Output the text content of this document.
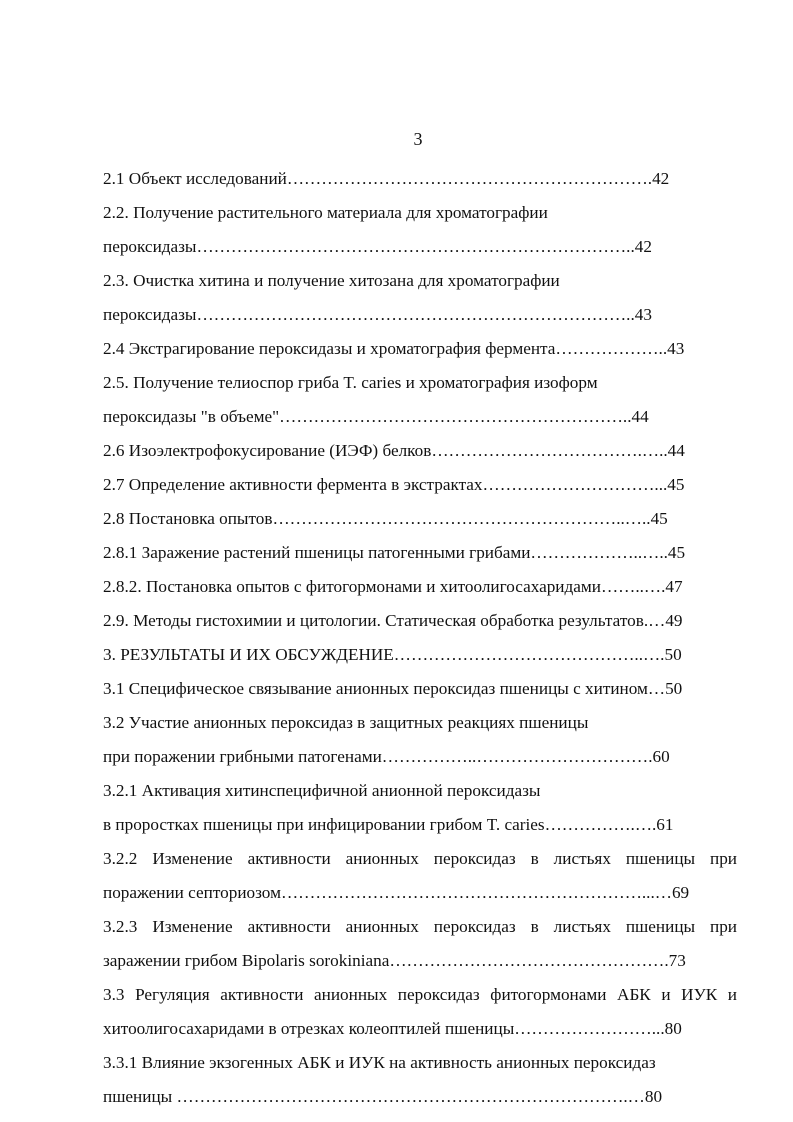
3
2.1 Объект исследований……………………………………………………….42
2.2. Получение растительного материала для хроматографии
пероксидазы…………………………………………………………………..42
2.3. Очистка хитина и получение хитозана для хроматографии
пероксидазы…………………………………………………………………..43
2.4 Экстрагирование пероксидазы и хроматография фермента………………..43
2.5. Получение телиоспор гриба T. caries и хроматография изоформ
пероксидазы "в объеме"……………………………………………………..44
2.6 Изоэлектрофокусирование (ИЭФ) белков……………………………….…..44
2.7 Определение активности фермента в экстрактах…………………………...45
2.8 Постановка опытов……………………………………………………..…..45
2.8.1 Заражение растений пшеницы патогенными грибами………………..…..45
2.8.2. Постановка опытов с фитогормонами и хитоолигосахаридами……..….47
2.9. Методы гистохимии и цитологии. Статическая обработка результатов.…49
3. РЕЗУЛЬТАТЫ И ИХ ОБСУЖДЕНИЕ……………………………………..….50
3.1 Специфическое связывание анионных пероксидаз пшеницы с хитином…50
3.2 Участие анионных пероксидаз в защитных реакциях пшеницы
при поражении грибными патогенами……………..………………………….60
3.2.1 Активация хитинспецифичной анионной пероксидазы
в проростках пшеницы при инфицировании грибом T. caries…………….….61
3.2.2 Изменение активности анионных пероксидаз в листьях пшеницы при
поражении септориозом………………………………………………………...…69
3.2.3 Изменение активности анионных пероксидаз в листьях пшеницы при
заражении грибом Bipolaris sorokiniana………………………………………….73
3.3 Регуляция активности анионных пероксидаз фитогормонами АБК и ИУК и
хитоолигосахаридами в отрезках колеоптилей пшеницы……………………...80
3.3.1 Влияние экзогенных АБК и ИУК на активность анионных пероксидаз
пшеницы …………………………………………………………………….…80
